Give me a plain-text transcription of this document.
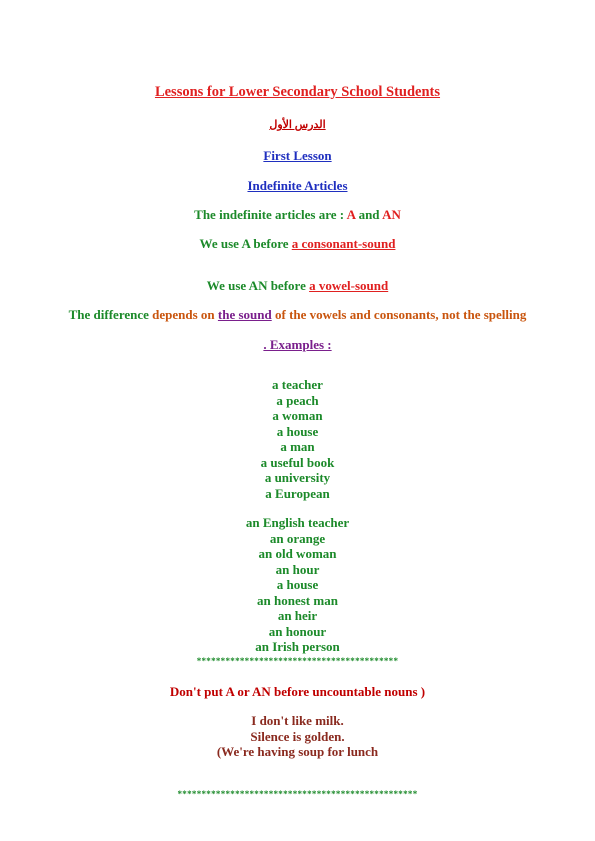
Lessons for Lower Secondary School Students
الدرس الأول
First Lesson
Indefinite Articles
The indefinite articles are : A and AN
We use A before a consonant-sound
We use AN before a vowel-sound
The difference depends on the sound of the vowels and consonants, not the spelling
. Examples :
a teacher
a peach
a woman
a house
a man
a useful book
a university
a European
an English teacher
an orange
an old woman
an hour
a house
an honest man
an heir
an honour
an Irish person
******************************************
Don't put A or AN before uncountable nouns )
I don't like milk.
Silence is golden.
(We're having soup for lunch
**************************************************
